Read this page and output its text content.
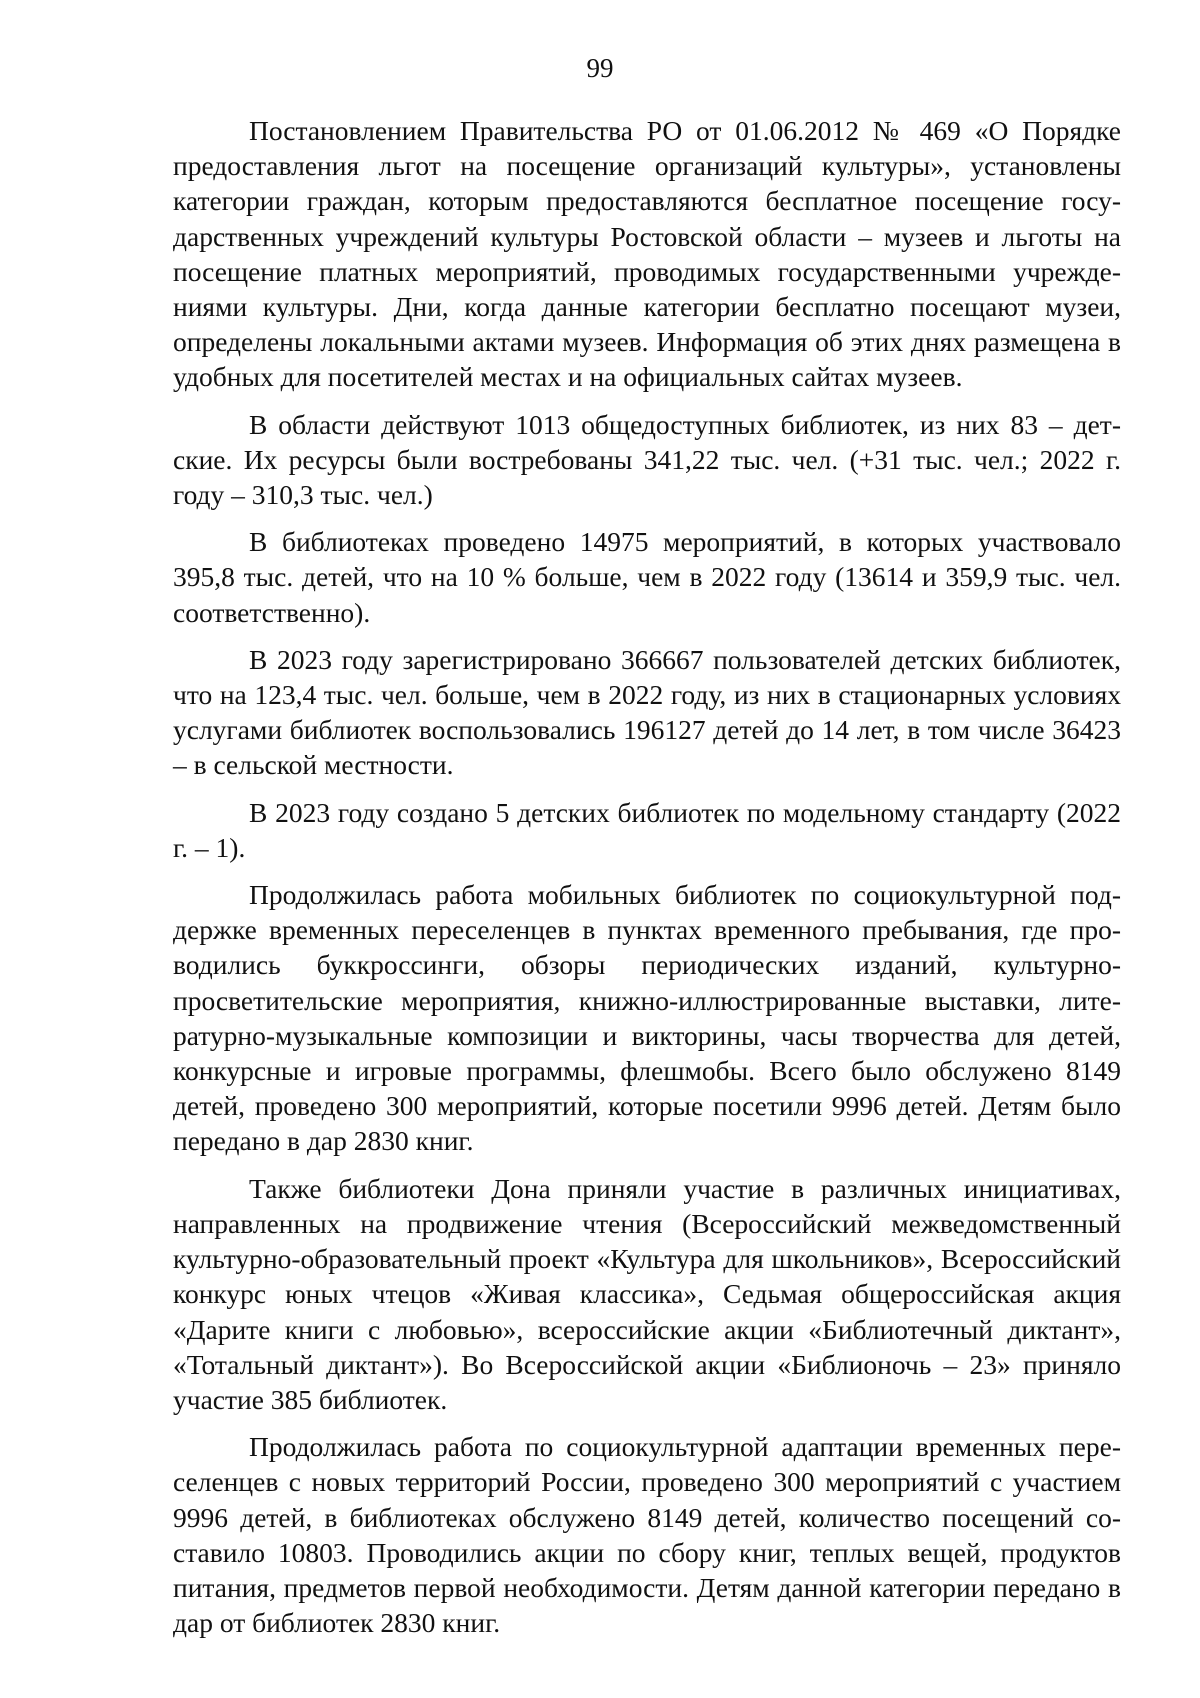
99

Постановлением Правительства РО от 01.06.2012 № 469 «О Порядке предоставления льгот на посещение организаций культуры», установлены категории граждан, которым предоставляются бесплатное посещение государственных учреждений культуры Ростовской области – музеев и льготы на посещение платных мероприятий, проводимых государственными учреждениями культуры. Дни, когда данные категории бесплатно посещают музеи, определены локальными актами музеев. Информация об этих днях размещена в удобных для посетителей местах и на официальных сайтах музеев.

В области действуют 1013 общедоступных библиотек, из них 83 – детские. Их ресурсы были востребованы 341,22 тыс. чел. (+31 тыс. чел.; 2022 г. году – 310,3 тыс. чел.)

В библиотеках проведено 14975 мероприятий, в которых участвовало 395,8 тыс. детей, что на 10 % больше, чем в 2022 году (13614 и 359,9 тыс. чел. соответственно).

В 2023 году зарегистрировано 366667 пользователей детских библиотек, что на 123,4 тыс. чел. больше, чем в 2022 году, из них в стационарных условиях услугами библиотек воспользовались 196127 детей до 14 лет, в том числе 36423 – в сельской местности.

В 2023 году создано 5 детских библиотек по модельному стандарту (2022 г. – 1).

Продолжилась работа мобильных библиотек по социокультурной поддержке временных переселенцев в пунктах временного пребывания, где проводились буккроссинги, обзоры периодических изданий, культурно-просветительские мероприятия, книжно-иллюстрированные выставки, литературно-музыкальные композиции и викторины, часы творчества для детей, конкурсные и игровые программы, флешмобы. Всего было обслужено 8149 детей, проведено 300 мероприятий, которые посетили 9996 детей. Детям было передано в дар 2830 книг.

Также библиотеки Дона приняли участие в различных инициативах, направленных на продвижение чтения (Всероссийский межведомственный культурно-образовательный проект «Культура для школьников», Всероссийский конкурс юных чтецов «Живая классика», Седьмая общероссийская акция «Дарите книги с любовью», всероссийские акции «Библиотечный диктант», «Тотальный диктант»). Во Всероссийской акции «Библионочь – 23» приняло участие 385 библиотек.

Продолжилась работа по социокультурной адаптации временных переселенцев с новых территорий России, проведено 300 мероприятий с участием 9996 детей, в библиотеках обслужено 8149 детей, количество посещений составило 10803. Проводились акции по сбору книг, теплых вещей, продуктов питания, предметов первой необходимости. Детям данной категории передано в дар от библиотек 2830 книг.
